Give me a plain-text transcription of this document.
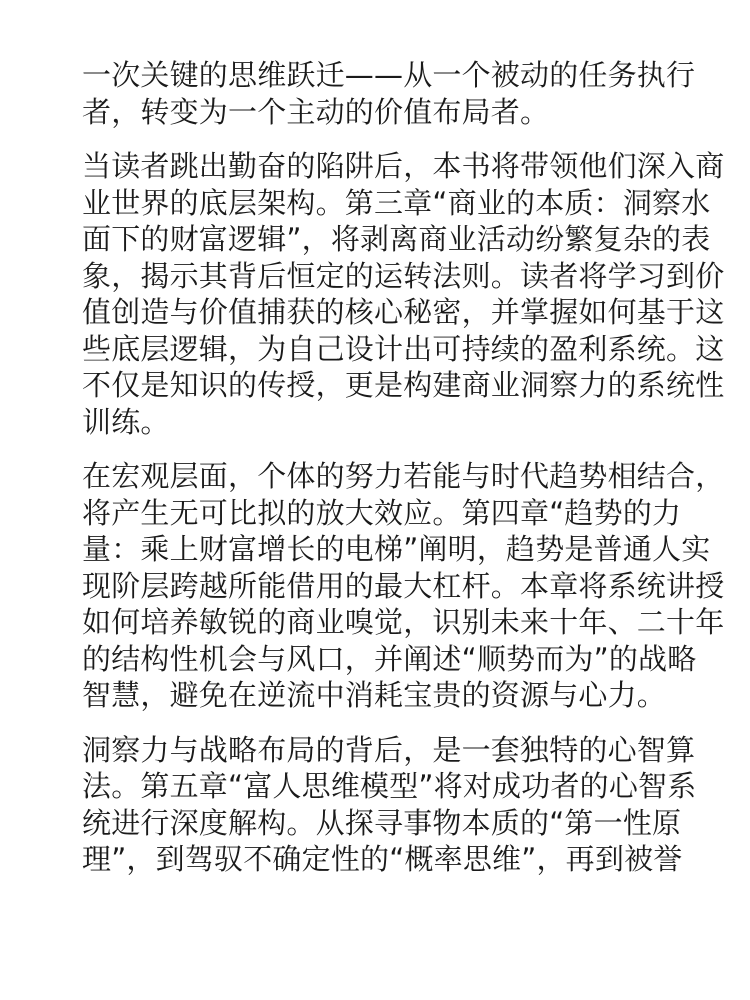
一次关键的思维跃迁——从一个被动的任务执行
者，转变为一个主动的价值布局者。
当读者跳出勤奋的陷阱后，本书将带领他们深入商
业世界的底层架构。第三章“商业的本质：洞察水
面下的财富逻辑”，将剥离商业活动纷繁复杂的表
象，揭示其背后恒定的运转法则。读者将学习到价
值创造与价值捕获的核心秘密，并掌握如何基于这
些底层逻辑，为自己设计出可持续的盈利系统。这
不仅是知识的传授，更是构建商业洞察力的系统性
训练。
在宏观层面，个体的努力若能与时代趋势相结合，
将产生无可比拟的放大效应。第四章“趋势的力
量：乘上财富增长的电梯”阐明，趋势是普通人实
现阶层跨越所能借用的最大杠杆。本章将系统讲授
如何培养敏锐的商业嗅觉，识别未来十年、二十年
的结构性机会与风口，并阐述“顺势而为”的战略
智慧，避免在逆流中消耗宝贵的资源与心力。
洞察力与战略布局的背后，是一套独特的心智算
法。第五章“富人思维模型”将对成功者的心智系
统进行深度解构。从探寻事物本质的“第一性原
理”，到驾驭不确定性的“概率思维”，再到被誉
